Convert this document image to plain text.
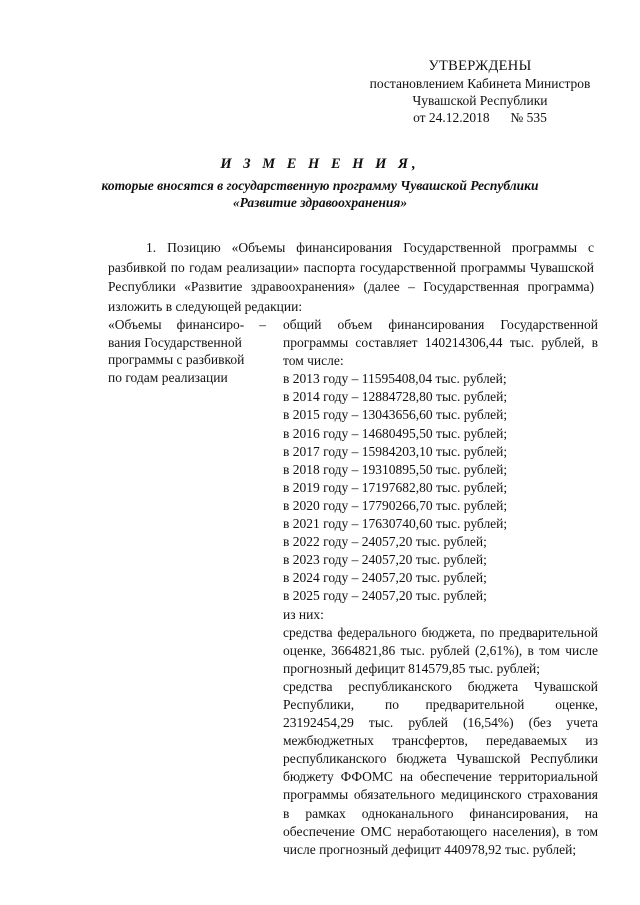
УТВЕРЖДЕНЫ
постановлением Кабинета Министров
Чувашской Республики
от 24.12.2018 № 535
И З М Е Н Е Н И Я,
которые вносятся в государственную программу Чувашской Республики
«Развитие здравоохранения»
1. Позицию «Объемы финансирования Государственной программы с разбивкой по годам реализации» паспорта государственной программы Чувашской Республики «Развитие здравоохранения» (далее – Государственная программа) изложить в следующей редакции:
«Объемы финансиро- –
вания Государственной
программы с разбивкой
по годам реализации
общий объем финансирования Государственной программы составляет 140214306,44 тыс. рублей, в том числе:
в 2013 году – 11595408,04 тыс. рублей;
в 2014 году – 12884728,80 тыс. рублей;
в 2015 году – 13043656,60 тыс. рублей;
в 2016 году – 14680495,50 тыс. рублей;
в 2017 году – 15984203,10 тыс. рублей;
в 2018 году – 19310895,50 тыс. рублей;
в 2019 году – 17197682,80 тыс. рублей;
в 2020 году – 17790266,70 тыс. рублей;
в 2021 году – 17630740,60 тыс. рублей;
в 2022 году – 24057,20 тыс. рублей;
в 2023 году – 24057,20 тыс. рублей;
в 2024 году – 24057,20 тыс. рублей;
в 2025 году – 24057,20 тыс. рублей;
из них:
средства федерального бюджета, по предварительной оценке, 3664821,86 тыс. рублей (2,61%), в том числе прогнозный дефицит 814579,85 тыс. рублей;
средства республиканского бюджета Чувашской
Республики,       по      предварительной       оценке,
23192454,29 тыс. рублей (16,54%) (без учета межбюджетных трансфертов, передаваемых из республиканского бюджета Чувашской Республики бюджету ФФОМС на обеспечение территориальной программы обязательного медицинского страхования в рамках одноканального финансирования, на обеспечение ОМС неработающего населения), в том числе прогнозный дефицит 440978,92 тыс. рублей;
